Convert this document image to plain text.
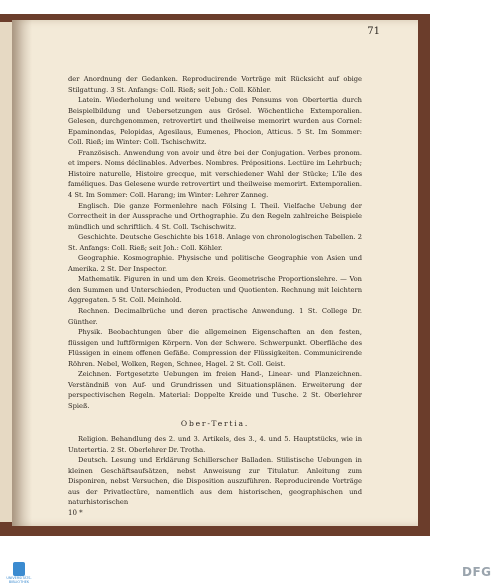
71

der Anordnung der Gedanken. Reproducirende Vorträge mit Rücksicht auf obige Stilgattung. 3 St. Anfangs: Coll. Rieß; seit Joh.: Coll. Köhler.

Latein. Wiederholung und weitere Uebung des Pensums von Obertertia durch Beispielbildung und Uebersetzungen aus Grösel. Wöchentliche Extemporalien. Gelesen, durchgenommen, retrovertirt und theilweise memorirt wurden aus Cornel: Epaminondas, Pelopidas, Agesilaus, Eumenes, Phocion, Atticus. 5 St. Im Sommer: Coll. Rieß; im Winter: Coll. Tschischwitz.

Französisch. Anwendung von avoir und être bei der Conjugation. Verbes pronom. et impers. Noms déclinables. Adverbes. Nombres. Prépositions. Lectüre im Lehrbuch; Histoire naturelle, Histoire grecque, mit verschiedener Wahl der Stücke; L'île des faméliques. Das Gelesene wurde retrovertirt und theilweise memorirt. Extemporalien. 4 St. Im Sommer: Coll. Harang; im Winter: Lehrer Zanneg.

Englisch. Die ganze Formenlehre nach Fölsing I. Theil. Vielfache Uebung der Correctheit in der Aussprache und Orthographie. Zu den Regeln zahlreiche Beispiele mündlich und schriftlich. 4 St. Coll. Tschischwitz.

Geschichte. Deutsche Geschichte bis 1618. Anlage von chronologischen Tabellen. 2 St. Anfangs: Coll. Rieß; seit Joh.: Coll. Köhler.

Geographie. Kosmographie. Physische und politische Geographie von Asien und Amerika. 2 St. Der Inspector.

Mathematik. Figuren in und um den Kreis. Geometrische Proportionslehre. — Von den Summen und Unterschieden, Producten und Quotienten. Rechnung mit leichtern Aggregaten. 5 St. Coll. Meinhold.

Rechnen. Decimalbrüche und deren practische Anwendung. 1 St. College Dr. Günther.

Physik. Beobachtungen über die allgemeinen Eigenschaften an den festen, flüssigen und luftförmigen Körpern. Von der Schwere. Schwerpunkt. Oberfläche des Flüssigen in einem offenen Gefäße. Compression der Flüssigkeiten. Communicirende Röhren. Nebel, Wolken, Regen, Schnee, Hagel. 2 St. Coll. Geist.

Zeichnen. Fortgesetzte Uebungen im freien Hand-, Linear- und Planzeichnen. Verständniß von Auf- und Grundrissen und Situationsplänen. Erweiterung der perspectivischen Regeln. Material: Doppelte Kreide und Tusche. 2 St. Oberlehrer Spieß.

Ober-Tertia.

Religion. Behandlung des 2. und 3. Artikels, des 3., 4. und 5. Hauptstücks, wie in Untertertia. 2 St. Oberlehrer Dr. Trotha.

Deutsch. Lesung und Erklärung Schillerscher Balladen. Stilistische Uebungen in kleinen Geschäftsaufsätzen, nebst Anweisung zur Titulatur. Anleitung zum Disponiren, nebst Versuchen, die Disposition auszuführen. Reproducirende Vorträge aus der Privatlectüre, namentlich aus dem historischen, geographischen und naturhistorischen

10 *

UNIVERSITÄTS- BIBLIOTHEK
DFG
